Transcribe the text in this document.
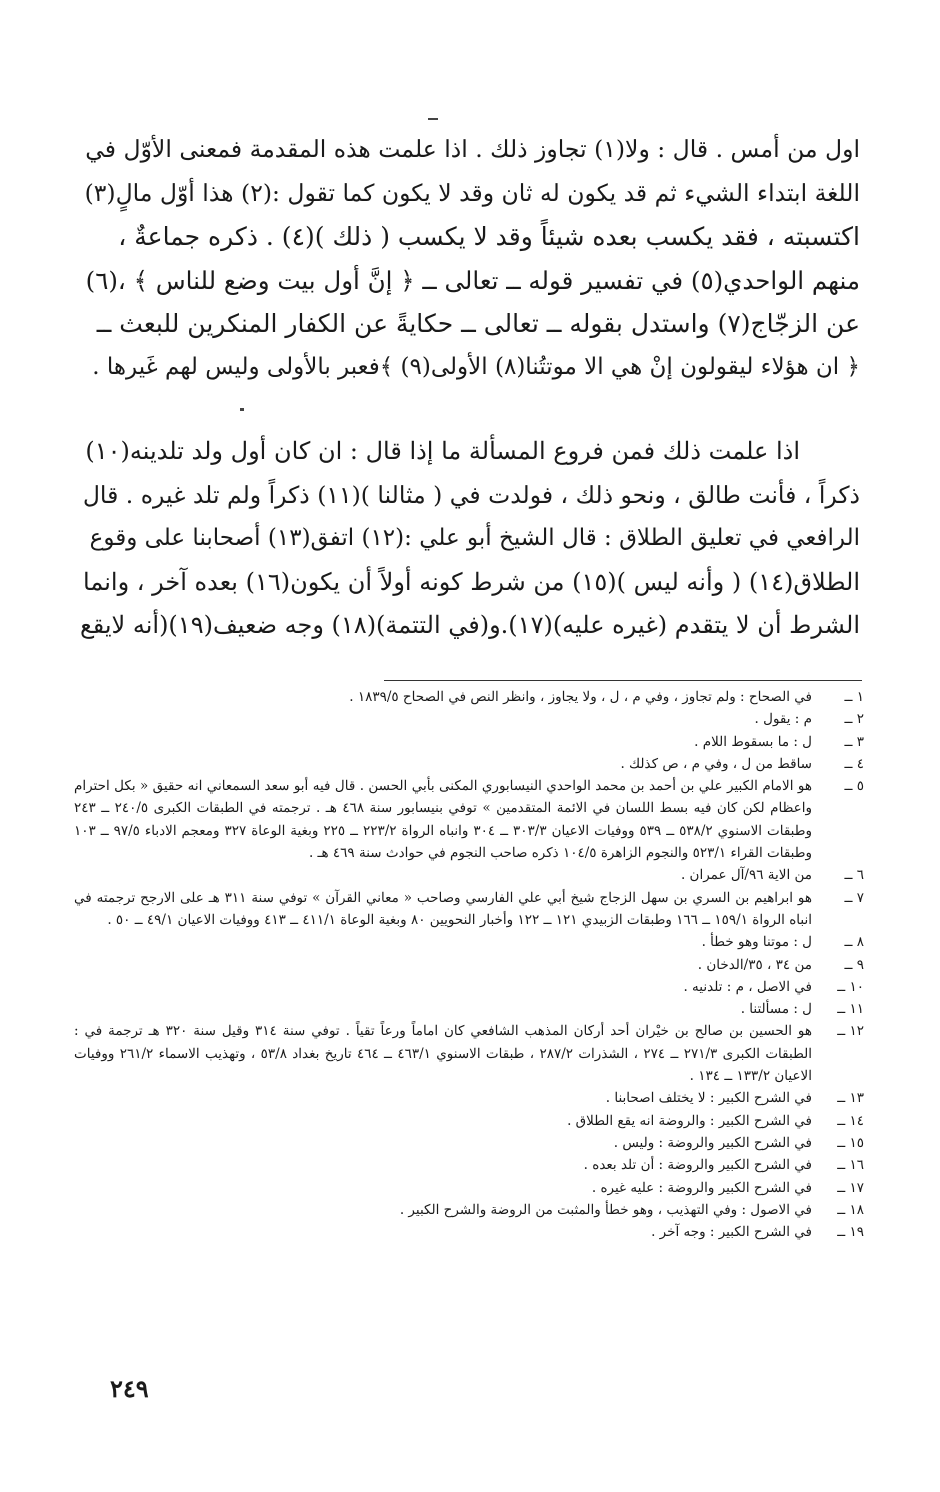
اول من أمس . قال : ولا(١) تجاوز ذلك . اذا علمت هذه المقدمة فمعنى الأوّل في
اللغة ابتداء الشيء ثم قد يكون له ثان وقد لا يكون كما تقول :(٢) هذا أوّل مالٍ(٣)
اكتسبته ، فقد يكسب بعده شيئاً وقد لا يكسب ( ذلك )(٤) . ذكره جماعةٌ ،
منهم الواحدي(٥) في تفسير قوله ــ تعالى ــ ﴿ إنَّ أول بيت وضع للناس ﴾ ،(٦)
عن الزجّاج(٧) واستدل بقوله ــ تعالى ــ حكايةً عن الكفار المنكرين للبعث ــ
﴿ ان هؤلاء ليقولون إنْ هي الا موتتُنا(٨) الأولى(٩) ﴾فعبر بالأولى وليس لهم غَيرها .
اذا علمت ذلك فمن فروع المسألة ما إذا قال : ان كان أول ولد تلدينه(١٠)
ذكراً ، فأنت طالق ، ونحو ذلك ، فولدت في ( مثالنا )(١١) ذكراً ولم تلد غيره . قال
الرافعي في تعليق الطلاق : قال الشيخ أبو علي :(١٢) اتفق(١٣) أصحابنا على وقوع
الطلاق(١٤) ( وأنه ليس )(١٥) من شرط كونه أولاً أن يكون(١٦) بعده آخر ، وانما
الشرط أن لا يتقدم (غيره عليه)(١٧).و(في التتمة)(١٨) وجه ضعيف(١٩)(أنه لايقع
١ ــ
في الصحاح : ولم تجاوز ، وفي م ، ل ، ولا يجاوز ، وانظر النص في الصحاح ١٨٣٩/٥ .
٢ ــ
م : يقول .
٣ ــ
ل : ما بسقوط اللام .
٤ ــ
ساقط من ل ، وفي م ، ص كذلك .
٥ ــ
هو الامام الكبير علي بن أحمد بن محمد الواحدي النيسابوري المكنى بأبي الحسن . قال فيه أبو سعد السمعاني انه حقيق « بكل احترام واعظام لكن كان فيه بسط اللسان في الائمة المتقدمين » توفي بنيسابور سنة ٤٦٨ هـ . ترجمته في الطبقات الكبرى ٢٤٠/٥ ــ ٢٤٣ وطبقات الاسنوي ٥٣٨/٢ ــ ٥٣٩ ووفيات الاعيان ٣٠٣/٣ ــ ٣٠٤ وانباه الرواة ٢٢٣/٢ ــ ٢٢٥ وبغية الوعاة ٣٢٧ ومعجم الادباء ٩٧/٥ ــ ١٠٣ وطبقات القراء ٥٢٣/١ والنجوم الزاهرة ١٠٤/٥ ذكره صاحب النجوم في حوادث سنة ٤٦٩ هـ .
٦ ــ
من الاية ٩٦/آل عمران .
٧ ــ
هو ابراهيم بن السري بن سهل الزجاج شيخ أبي علي الفارسي وصاحب « معاني القرآن » توفي سنة ٣١١ هـ على الارجح ترجمته في انباه الرواة ١٥٩/١ ــ ١٦٦ وطبقات الزبيدي ١٢١ ــ ١٢٢ وأخبار النحويين ٨٠ وبغية الوعاة ٤١١/١ ــ ٤١٣ ووفيات الاعيان ٤٩/١ ــ ٥٠ .
٨ ــ
ل : موتنا وهو خطأ .
٩ ــ
من ٣٤ ، ٣٥/الدخان .
١٠ ــ
في الاصل ، م : تلدنيه .
١١ ــ
ل : مسألتنا .
١٢ ــ
هو الحسين بن صالح بن خيْران أحد أركان المذهب الشافعي كان اماماً ورعاً تقياً . توفي سنة ٣١٤ وقيل سنة ٣٢٠ هـ ترجمة في : الطبقات الكبرى ٢٧١/٣ ــ ٢٧٤ ، الشذرات ٢٨٧/٢ ، طبقات الاسنوي ٤٦٣/١ ــ ٤٦٤ تاريخ بغداد ٥٣/٨ ، وتهذيب الاسماء ٢٦١/٢ ووفيات الاعيان ١٣٣/٢ ــ ١٣٤ .
١٣ ــ
في الشرح الكبير : لا يختلف اصحابنا .
١٤ ــ
في الشرح الكبير : والروضة انه يقع الطلاق .
١٥ ــ
في الشرح الكبير والروضة : وليس .
١٦ ــ
في الشرح الكبير والروضة : أن تلد بعده .
١٧ ــ
في الشرح الكبير والروضة : عليه غيره .
١٨ ــ
في الاصول : وفي التهذيب ، وهو خطأ والمثبت من الروضة والشرح الكبير .
١٩ ــ
في الشرح الكبير : وجه آخر .
٢٤٩
